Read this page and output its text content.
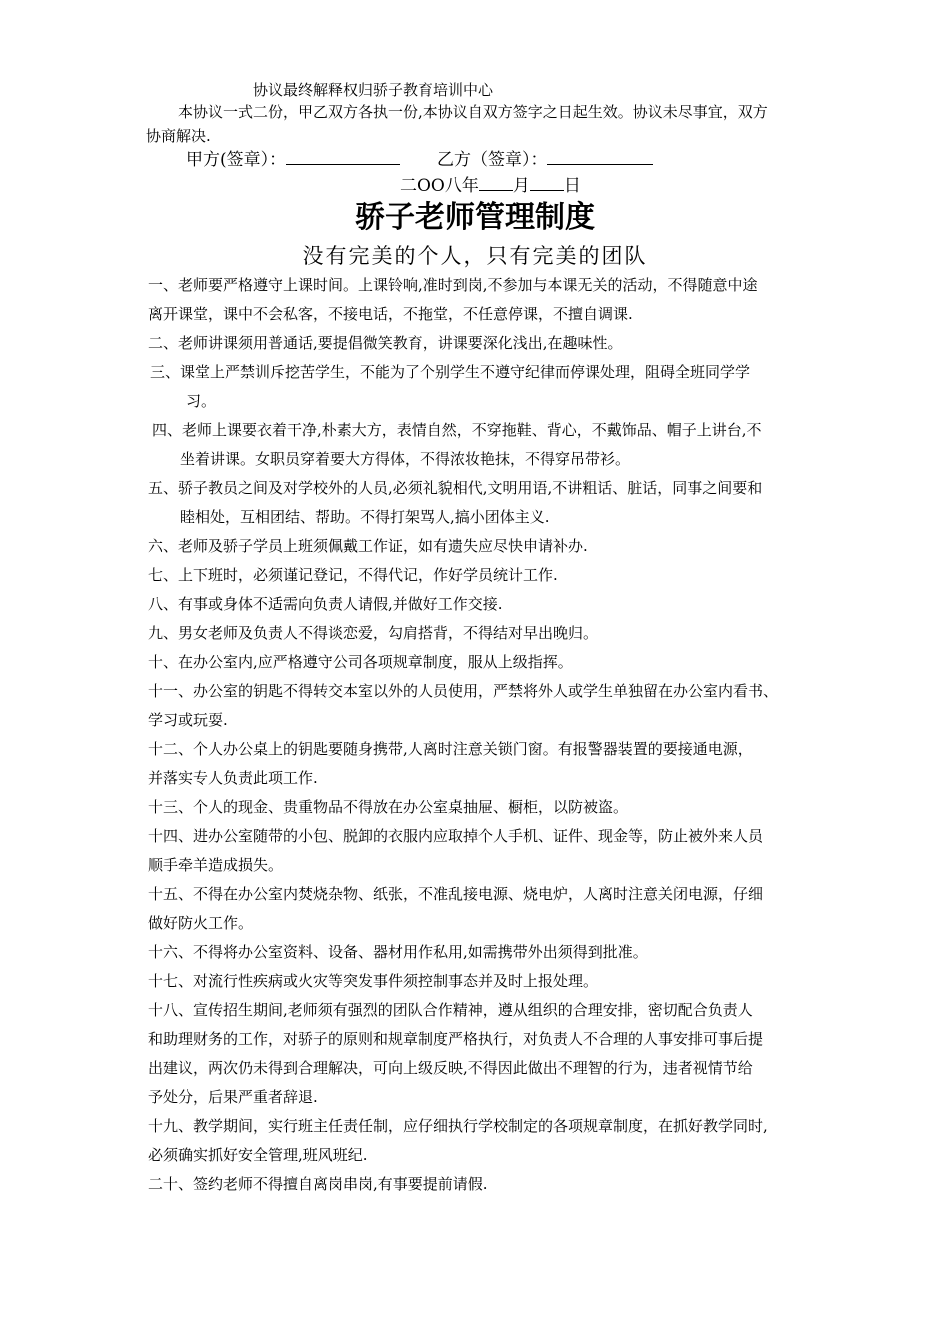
协议最终解释权归骄子教育培训中心
本协议一式二份，甲乙双方各执一份,本协议自双方签字之日起生效。协议未尽事宜，双方
协商解决.
甲方(签章）：	乙方（签章）：
二OO八年 月 日
骄子老师管理制度
没有完美的个人，只有完美的团队
一、老师要严格遵守上课时间。上课铃响,准时到岗,不参加与本课无关的活动，不得随意中途
离开课堂，课中不会私客，不接电话，不拖堂，不任意停课，不擅自调课.
二、老师讲课须用普通话,要提倡微笑教育，讲课要深化浅出,在趣味性。
三、课堂上严禁训斥挖苦学生，不能为了个别学生不遵守纪律而停课处理，阻碍全班同学学
习。
四、老师上课要衣着干净,朴素大方，表情自然，不穿拖鞋、背心，不戴饰品、帽子上讲台,不
坐着讲课。女职员穿着要大方得体，不得浓妆艳抹，不得穿吊带衫。
五、骄子教员之间及对学校外的人员,必须礼貌相代,文明用语,不讲粗话、脏话，同事之间要和
睦相处，互相团结、帮助。不得打架骂人,搞小团体主义.
六、老师及骄子学员上班须佩戴工作证，如有遗失应尽快申请补办.
七、上下班时，必须谨记登记，不得代记，作好学员统计工作.
八、有事或身体不适需向负责人请假,并做好工作交接.
九、男女老师及负责人不得谈恋爱，勾肩搭背，不得结对早出晚归。
十、在办公室内,应严格遵守公司各项规章制度，服从上级指挥。
十一、办公室的钥匙不得转交本室以外的人员使用，严禁将外人或学生单独留在办公室内看书、
学习或玩耍.
十二、个人办公桌上的钥匙要随身携带,人离时注意关锁门窗。有报警器装置的要接通电源，
并落实专人负责此项工作.
十三、个人的现金、贵重物品不得放在办公室桌抽屉、橱柜，以防被盗。
十四、进办公室随带的小包、脱卸的衣服内应取掉个人手机、证件、现金等，防止被外来人员
顺手牵羊造成损失。
十五、不得在办公室内焚烧杂物、纸张，不准乱接电源、烧电炉，人离时注意关闭电源，仔细
做好防火工作。
十六、不得将办公室资料、设备、器材用作私用,如需携带外出须得到批准。
十七、对流行性疾病或火灾等突发事件须控制事态并及时上报处理。
十八、宣传招生期间,老师须有强烈的团队合作精神，遵从组织的合理安排，密切配合负责人
和助理财务的工作，对骄子的原则和规章制度严格执行，对负责人不合理的人事安排可事后提
出建议，两次仍未得到合理解决，可向上级反映,不得因此做出不理智的行为，违者视情节给
予处分，后果严重者辞退.
十九、教学期间，实行班主任责任制，应仔细执行学校制定的各项规章制度，在抓好教学同时,
必须确实抓好安全管理,班风班纪.
二十、签约老师不得擅自离岗串岗,有事要提前请假.
